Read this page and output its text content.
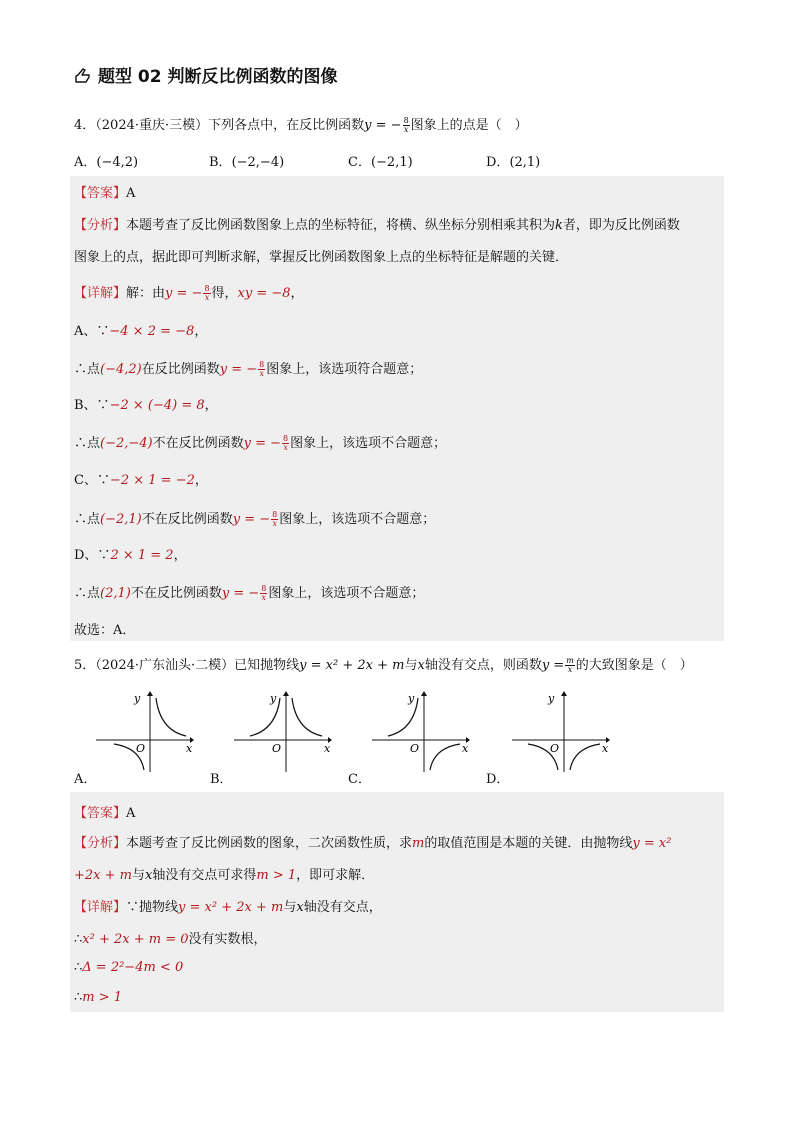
题型 02 判断反比例函数的图像
4．（2024·重庆·三模）下列各点中，在反比例函数y = − $\frac{8}{x}$ 图象上的点是（　）
A．(−4,2)	B．(−2,−4)	C．(−2,1)	D．(2,1)
【答案】A
【分析】本题考查了反比例函数图象上点的坐标特征，将横、纵坐标分别相乘其积为k者，即为反比例函数
图象上的点，据此即可判断求解，掌握反比例函数图象上点的坐标特征是解题的关键．
【详解】解：由y = − $\frac{8}{x}$ 得，xy = −8，
A、∵−4 × 2 = −8，
∴点(−4,2)在反比例函数y = − $\frac{8}{x}$ 图象上，该选项符合题意；
B、∵−2 × (−4) = 8，
∴点(−2,−4)不在反比例函数y = − $\frac{8}{x}$ 图象上，该选项不合题意；
C、∵−2 × 1 = −2，
∴点(−2,1)不在反比例函数y = − $\frac{8}{x}$ 图象上，该选项不合题意；
D、∵2 × 1 = 2，
∴点(2,1)不在反比例函数y = − $\frac{8}{x}$ 图象上，该选项不合题意；
故选：A．
5．（2024·广东汕头·二模）已知抛物线y = x² + 2x + m与x轴没有交点，则函数$y = \frac{m}{x}$ 的大致图象是（　）
y
x
O
y
x
O
y
x
O
y
x
O
A．	B．	C．	D．
【答案】A
【分析】本题考查了反比例函数的图象，二次函数性质，求m的取值范围是本题的关键．由抛物线y = x²
+2x + m与x轴没有交点可求得m > 1，即可求解．
【详解】∵抛物线y = x² + 2x + m与x轴没有交点，
∴x² + 2x + m = 0没有实数根，
∴Δ = 2²−4m < 0
∴m > 1
